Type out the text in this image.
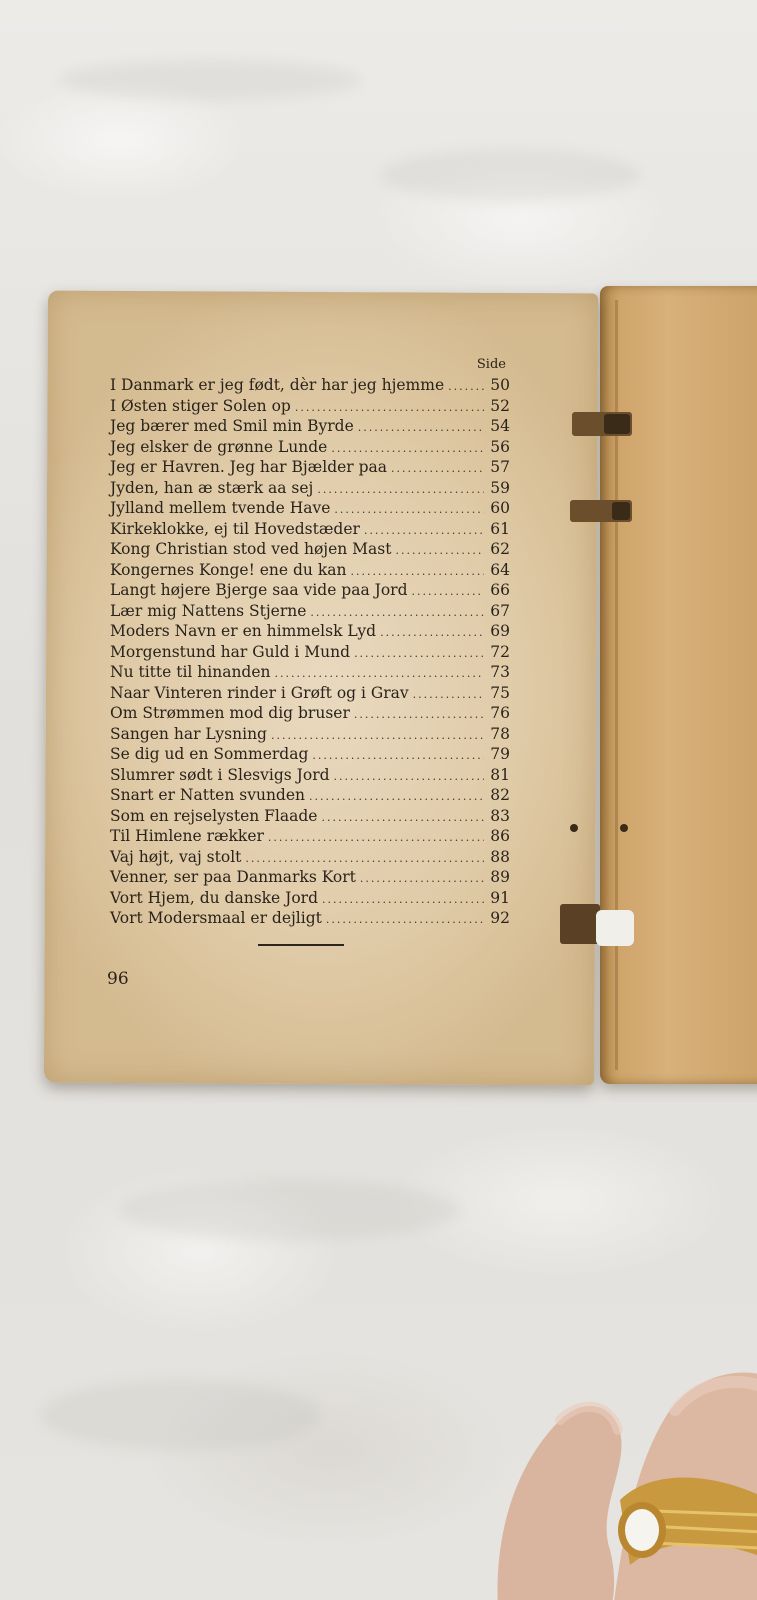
Side
I Danmark er jeg født, dèr har jeg hjemme .....	50
I Østen stiger Solen op .....	52
Jeg bærer med Smil min Byrde .....	54
Jeg elsker de grønne Lunde .....	56
Jeg er Havren. Jeg har Bjælder paa .....	57
Jyden, han æ stærk aa sej .....	59
Jylland mellem tvende Have .....	60
Kirkeklokke, ej til Hovedstæder .....	61
Kong Christian stod ved højen Mast .....	62
Kongernes Konge! ene du kan .....	64
Langt højere Bjerge saa vide paa Jord .....	66
Lær mig Nattens Stjerne .....	67
Moders Navn er en himmelsk Lyd .....	69
Morgenstund har Guld i Mund .....	72
Nu titte til hinanden .....	73
Naar Vinteren rinder i Grøft og i Grav .....	75
Om Strømmen mod dig bruser .....	76
Sangen har Lysning .....	78
Se dig ud en Sommerdag .....	79
Slumrer sødt i Slesvigs Jord .....	81
Snart er Natten svunden .....	82
Som en rejselysten Flaade .....	83
Til Himlene rækker .....	86
Vaj højt, vaj stolt .....	88
Venner, ser paa Danmarks Kort .....	89
Vort Hjem, du danske Jord .....	91
Vort Modersmaal er dejligt .....	92
96
